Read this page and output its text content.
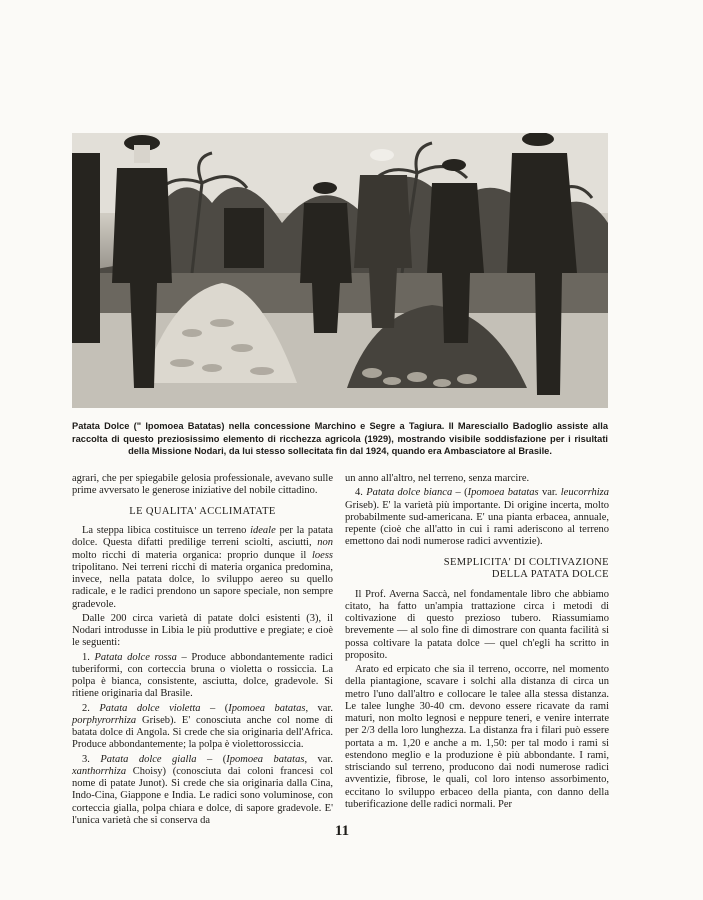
Patata Dolce (" Ipomoea Batatas) nella concessione Marchino e Segre a Tagiura. Il Maresciallo Badoglio assiste alla raccolta di questo preziosissimo elemento di ricchezza agricola (1929), mostrando visibile soddisfazione per i risultati della Missione Nodari, da lui stesso sollecitata fin dal 1924, quando era Ambasciatore al Brasile.

agrari, che per spiegabile gelosia professionale, avevano sulle prime avversato le generose iniziative del nobile cittadino.

LE QUALITA' ACCLIMATATE

La steppa libica costituisce un terreno ideale per la patata dolce. Questa difatti predilige terreni sciolti, asciutti, non molto ricchi di materia organica: proprio dunque il loess tripolitano. Nei terreni ricchi di materia organica predomina, invece, nella patata dolce, lo sviluppo aereo su quello radicale, e le radici prendono un sapore speciale, non sempre gradevole.

Dalle 200 circa varietà di patate dolci esistenti (3), il Nodari introdusse in Libia le più produttive e pregiate; e cioè le seguenti:

1. Patata dolce rossa – Produce abbondantemente radici tuberiformi, con corteccia bruna o violetta o rossiccia. La polpa è bianca, consistente, asciutta, dolce, gradevole. Si ritiene originaria dal Brasile.

2. Patata dolce violetta – (Ipomoea batatas, var. porphyrorrhiza Griseb). E' conosciuta anche col nome di batata dolce di Angola. Si crede che sia originaria dell'Africa. Produce abbondantemente; la polpa è violettorossiccia.

3. Patata dolce gialla – (Ipomoea batatas, var. xanthorrhiza Choisy) (conosciuta dai coloni francesi col nome di patate Junot). Si crede che sia originaria dalla Cina, Indo-Cina, Giappone e India. Le radici sono voluminose, con corteccia gialla, polpa chiara e dolce, di sapore gradevole. E' l'unica varietà che si conserva da

un anno all'altro, nel terreno, senza marcire.

4. Patata dolce bianca – (Ipomoea batatas var. leucorrhiza Griseb). E' la varietà più importante. Di origine incerta, molto probabilmente sud-americana. E' una pianta erbacea, annuale, repente (cioè che all'atto in cui i rami aderiscono al terreno emettono dai nodi numerose radici avventizie).

SEMPLICITA' DI COLTIVAZIONE
DELLA PATATA DOLCE

Il Prof. Averna Saccà, nel fondamentale libro che abbiamo citato, ha fatto un'ampia trattazione circa i metodi di coltivazione di questo prezioso tubero. Riassumiamo brevemente — al solo fine di dimostrare con quanta facilità si possa coltivare la patata dolce — quel ch'egli ha scritto in proposito.

Arato ed erpicato che sia il terreno, occorre, nel momento della piantagione, scavare i solchi alla distanza di circa un metro l'uno dall'altro e collocare le talee alla stessa distanza. Le talee lunghe 30-40 cm. devono essere ricavate da rami maturi, non molto legnosi e neppure teneri, e venire interrate per 2/3 della loro lunghezza. La distanza fra i filari può essere portata a m. 1,20 e anche a m. 1,50: per tal modo i rami si estendono meglio e la produzione è più abbondante. I rami, strisciando sul terreno, producono dai nodi numerose radici avventizie, fibrose, le quali, col loro intenso assorbimento, eccitano lo sviluppo erbaceo della pianta, con danno della tuberificazione delle radici normali. Per

11
